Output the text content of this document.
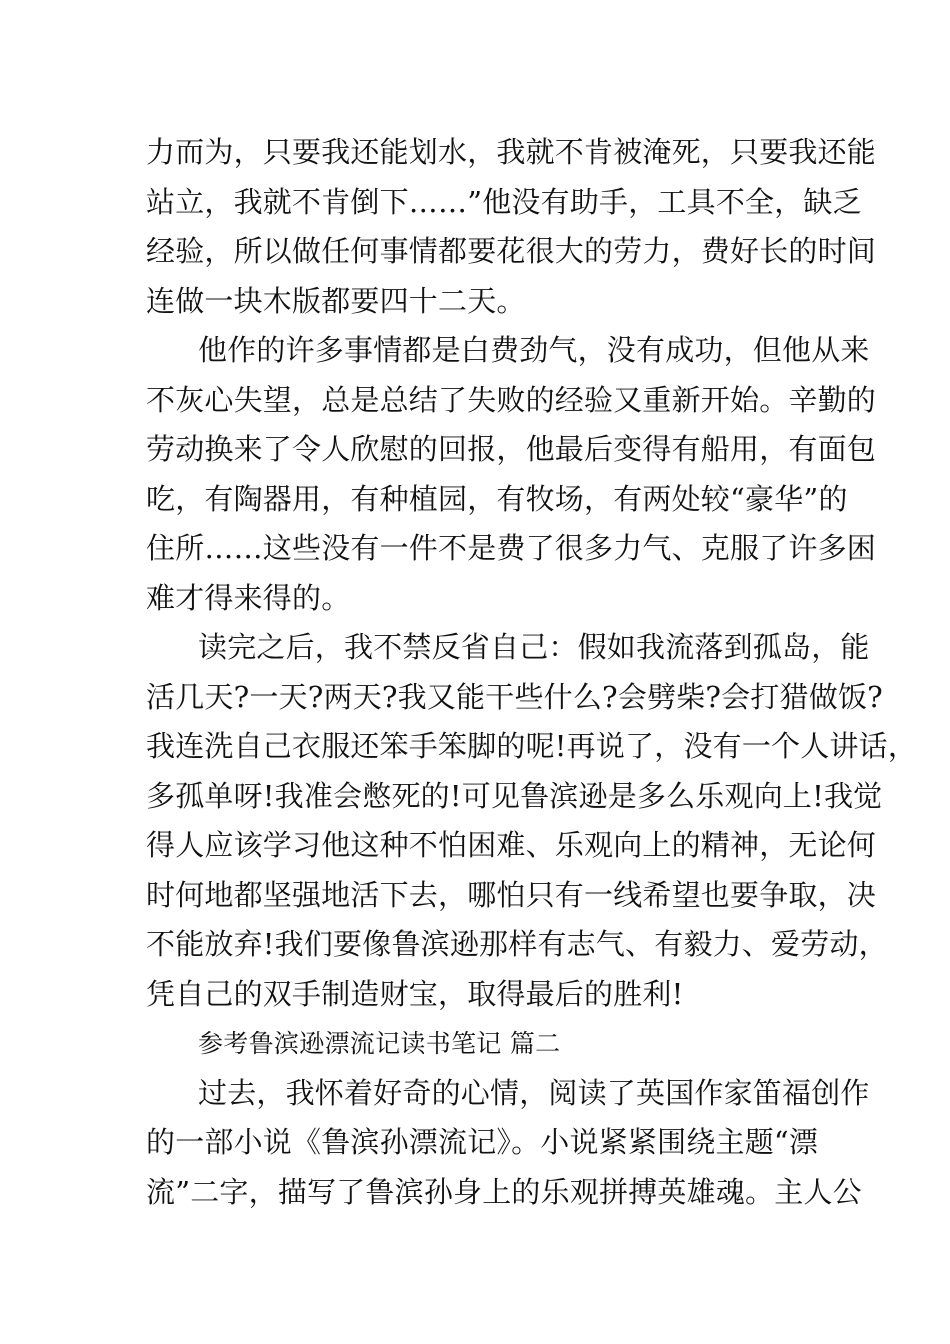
力而为，只要我还能划水，我就不肯被淹死，只要我还能
站立，我就不肯倒下……”他没有助手，工具不全，缺乏
经验，所以做任何事情都要花很大的劳力，费好长的时间
连做一块木版都要四十二天。
他作的许多事情都是白费劲气，没有成功，但他从来
不灰心失望，总是总结了失败的经验又重新开始。辛勤的
劳动换来了令人欣慰的回报，他最后变得有船用，有面包
吃，有陶器用，有种植园，有牧场，有两处较“豪华”的
住所……这些没有一件不是费了很多力气、克服了许多困
难才得来得的。
读完之后，我不禁反省自己：假如我流落到孤岛，能
活几天?一天?两天?我又能干些什么?会劈柴?会打猎做饭?
我连洗自己衣服还笨手笨脚的呢!再说了，没有一个人讲话，
多孤单呀!我准会憋死的!可见鲁滨逊是多么乐观向上!我觉
得人应该学习他这种不怕困难、乐观向上的精神，无论何
时何地都坚强地活下去，哪怕只有一线希望也要争取，决
不能放弃!我们要像鲁滨逊那样有志气、有毅力、爱劳动，
凭自己的双手制造财宝，取得最后的胜利!
参考鲁滨逊漂流记读书笔记 篇二
过去，我怀着好奇的心情，阅读了英国作家笛福创作
的一部小说《鲁滨孙漂流记》。小说紧紧围绕主题“漂
流”二字，描写了鲁滨孙身上的乐观拼搏英雄魂。主人公
